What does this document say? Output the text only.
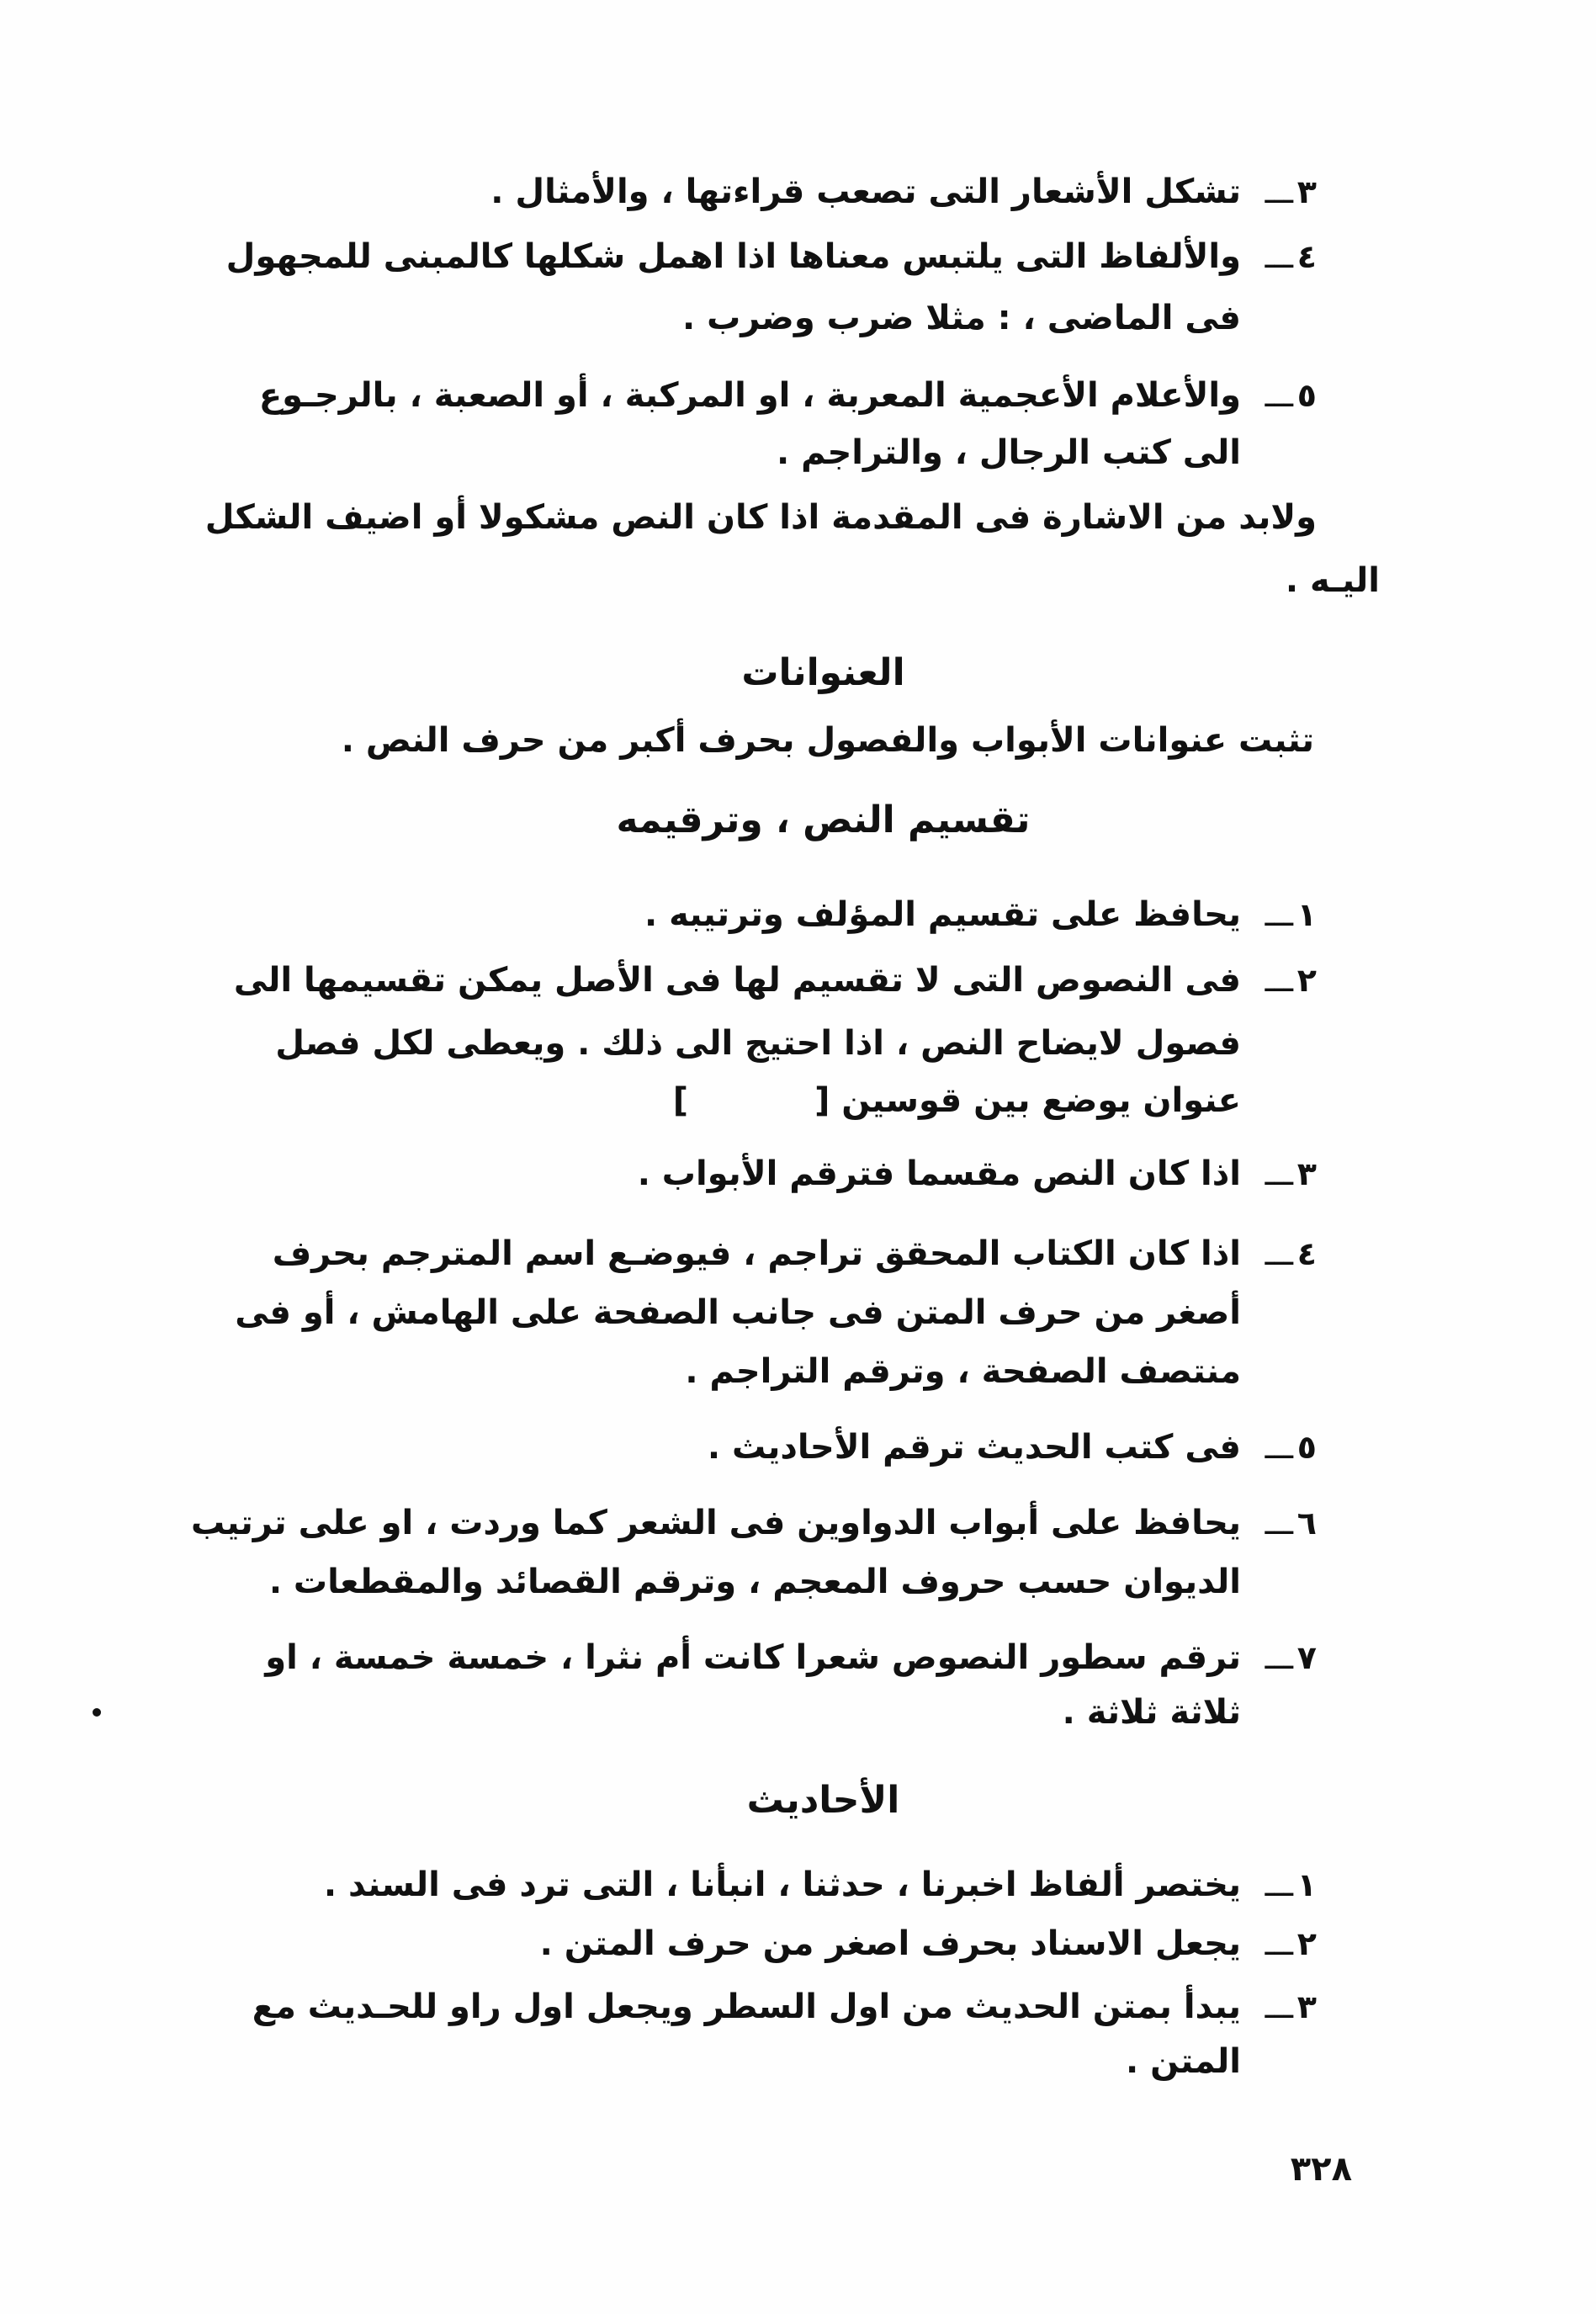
٣
ـــ
تشكل الأشعار التى تصعب قراءتها ، والأمثال .
٤
ـــ
والألفاظ التى يلتبس معناها اذا اهمل شكلها كالمبنى للمجهول
فى الماضى ، : مثلا ضرب وضرب .
٥
ـــ
والأعلام الأعجمية المعربة ، او المركبة ، أو الصعبة ، بالرجـوع
الى كتب الرجال ، والتراجم .
ولابد من الاشارة فى المقدمة اذا كان النص مشكولا أو اضيف الشكل
اليـه .
العنوانات
تثبت عنوانات الأبواب والفصول بحرف أكبر من حرف النص .
تقسيم النص ، وترقيمه
١
ـــ
يحافظ على تقسيم المؤلف وترتيبه .
٢
ـــ
فى النصوص التى لا تقسيم لها فى الأصل يمكن تقسيمها الى
فصول لايضاح النص ، اذا احتيج الى ذلك . ويعطى لكل فصل
عنوان يوضع بين قوسين []
٣
ـــ
اذا كان النص مقسما فترقم الأبواب .
٤
ـــ
اذا كان الكتاب المحقق تراجم ، فيوضـع اسم المترجم بحرف
أصغر من حرف المتن فى جانب الصفحة على الهامش ، أو فى
منتصف الصفحة ، وترقم التراجم .
٥
ـــ
فى كتب الحديث ترقم الأحاديث .
٦
ـــ
يحافظ على أبواب الدواوين فى الشعر كما وردت ، او على ترتيب
الديوان حسب حروف المعجم ، وترقم القصائد والمقطعات .
٧
ـــ
ترقم سطور النصوص شعرا كانت أم نثرا ، خمسة خمسة ، او
ثلاثة ثلاثة .
الأحاديث
١
ـــ
يختصر ألفاظ اخبرنا ، حدثنا ، انبأنا ، التى ترد فى السند .
٢
ـــ
يجعل الاسناد بحرف اصغر من حرف المتن .
٣
ـــ
يبدأ بمتن الحديث من اول السطر ويجعل اول راو للحـديث مع
المتن .
٣٢٨
